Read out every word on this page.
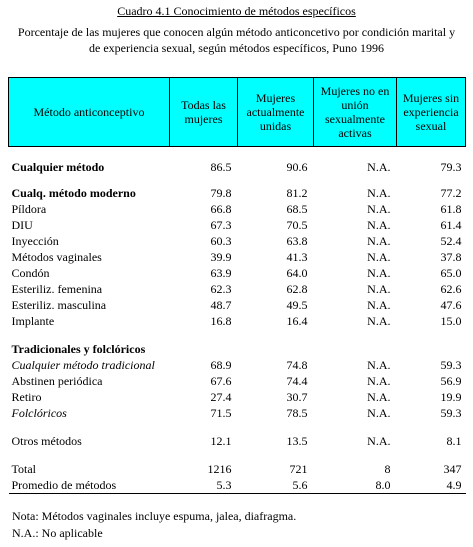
Cuadro 4.1 Conocimiento de métodos específicos
Porcentaje de las mujeres que conocen algún método anticoncetivo por condición marital y
de experiencia sexual, según métodos específicos, Puno 1996
Método anticonceptivo	Todas las mujeres	Mujeres actualmente unidas	Mujeres no en unión sexualmente activas	Mujeres sin experiencia sexual

Cualquier método	86.5	90.6	N.A.	79.3

Cualq. método moderno	79.8	81.2	N.A.	77.2
Píldora	66.8	68.5	N.A.	61.8
DIU	67.3	70.5	N.A.	61.4
Inyección	60.3	63.8	N.A.	52.4
Métodos vaginales	39.9	41.3	N.A.	37.8
Condón	63.9	64.0	N.A.	65.0
Esteriliz. femenina	62.3	62.8	N.A.	62.6
Esteriliz. masculina	48.7	49.5	N.A.	47.6
Implante	16.8	16.4	N.A.	15.0

Tradicionales y folclóricos				
Cualquier método tradicional	68.9	74.8	N.A.	59.3
Abstinen periódica	67.6	74.4	N.A.	56.9
Retiro	27.4	30.7	N.A.	19.9
Folclóricos	71.5	78.5	N.A.	59.3

Otros métodos	12.1	13.5	N.A.	8.1

Total	1216	721	8	347
Promedio de métodos	5.3	5.6	8.0	4.9
Nota: Métodos vaginales incluye espuma, jalea, diafragma.
N.A.: No aplicable
